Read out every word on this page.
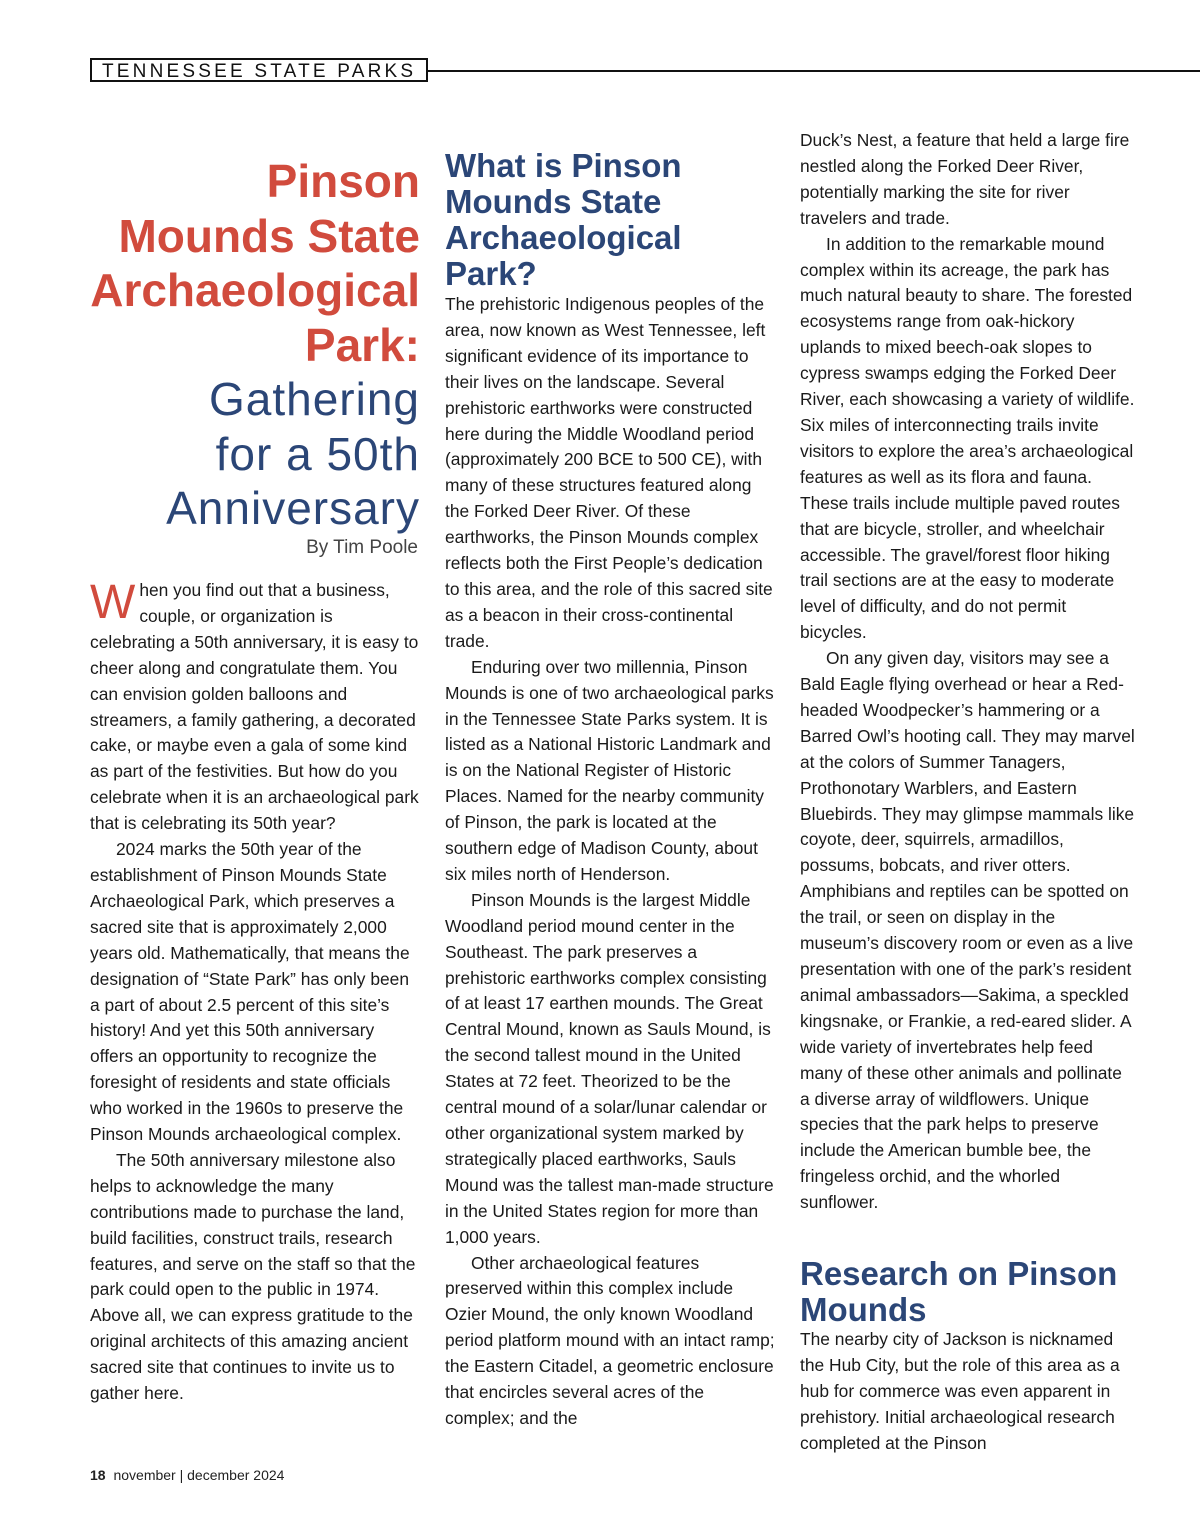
TENNESSEE STATE PARKS
Pinson
Mounds State
Archaeological
Park:
Gathering
for a 50th
Anniversary
By Tim Poole

When you find out that a business, couple, or organization is celebrating a 50th anniversary, it is easy to cheer along and congratulate them. You can envision golden balloons and streamers, a family gathering, a decorated cake, or maybe even a gala of some kind as part of the festivities. But how do you celebrate when it is an archaeological park that is celebrating its 50th year?

2024 marks the 50th year of the establishment of Pinson Mounds State Archaeological Park, which preserves a sacred site that is approximately 2,000 years old. Mathematically, that means the designation of “State Park” has only been a part of about 2.5 percent of this site’s history! And yet this 50th anniversary offers an opportunity to recognize the foresight of residents and state officials who worked in the 1960s to preserve the Pinson Mounds archaeological complex.

The 50th anniversary milestone also helps to acknowledge the many contributions made to purchase the land, build facilities, construct trails, research features, and serve on the staff so that the park could open to the public in 1974. Above all, we can express gratitude to the original architects of this amazing ancient sacred site that continues to invite us to gather here.

What is Pinson Mounds State Archaeological Park?

The prehistoric Indigenous peoples of the area, now known as West Tennessee, left significant evidence of its importance to their lives on the landscape. Several prehistoric earthworks were constructed here during the Middle Woodland period (approximately 200 BCE to 500 CE), with many of these structures featured along the Forked Deer River. Of these earthworks, the Pinson Mounds complex reflects both the First People’s dedication to this area, and the role of this sacred site as a beacon in their cross-continental trade.

Enduring over two millennia, Pinson Mounds is one of two archaeological parks in the Tennessee State Parks system. It is listed as a National Historic Landmark and is on the National Register of Historic Places. Named for the nearby community of Pinson, the park is located at the southern edge of Madison County, about six miles north of Henderson.

Pinson Mounds is the largest Middle Woodland period mound center in the Southeast. The park preserves a prehistoric earthworks complex consisting of at least 17 earthen mounds. The Great Central Mound, known as Sauls Mound, is the second tallest mound in the United States at 72 feet. Theorized to be the central mound of a solar/lunar calendar or other organizational system marked by strategically placed earthworks, Sauls Mound was the tallest man-made structure in the United States region for more than 1,000 years.

Other archaeological features preserved within this complex include Ozier Mound, the only known Woodland period platform mound with an intact ramp; the Eastern Citadel, a geometric enclosure that encircles several acres of the complex; and the

Duck’s Nest, a feature that held a large fire nestled along the Forked Deer River, potentially marking the site for river travelers and trade.

In addition to the remarkable mound complex within its acreage, the park has much natural beauty to share. The forested ecosystems range from oak-hickory uplands to mixed beech-oak slopes to cypress swamps edging the Forked Deer River, each showcasing a variety of wildlife. Six miles of interconnecting trails invite visitors to explore the area’s archaeological features as well as its flora and fauna. These trails include multiple paved routes that are bicycle, stroller, and wheelchair accessible. The gravel/forest floor hiking trail sections are at the easy to moderate level of difficulty, and do not permit bicycles.

On any given day, visitors may see a Bald Eagle flying overhead or hear a Red-headed Woodpecker’s hammering or a Barred Owl’s hooting call. They may marvel at the colors of Summer Tanagers, Prothonotary Warblers, and Eastern Bluebirds. They may glimpse mammals like coyote, deer, squirrels, armadillos, possums, bobcats, and river otters. Amphibians and reptiles can be spotted on the trail, or seen on display in the museum’s discovery room or even as a live presentation with one of the park’s resident animal ambassadors—Sakima, a speckled kingsnake, or Frankie, a red-eared slider. A wide variety of invertebrates help feed many of these other animals and pollinate a diverse array of wildflowers. Unique species that the park helps to preserve include the American bumble bee, the fringeless orchid, and the whorled sunflower.

Research on Pinson Mounds

The nearby city of Jackson is nicknamed the Hub City, but the role of this area as a hub for commerce was even apparent in prehistory. Initial archaeological research completed at the Pinson

18 november | december 2024
